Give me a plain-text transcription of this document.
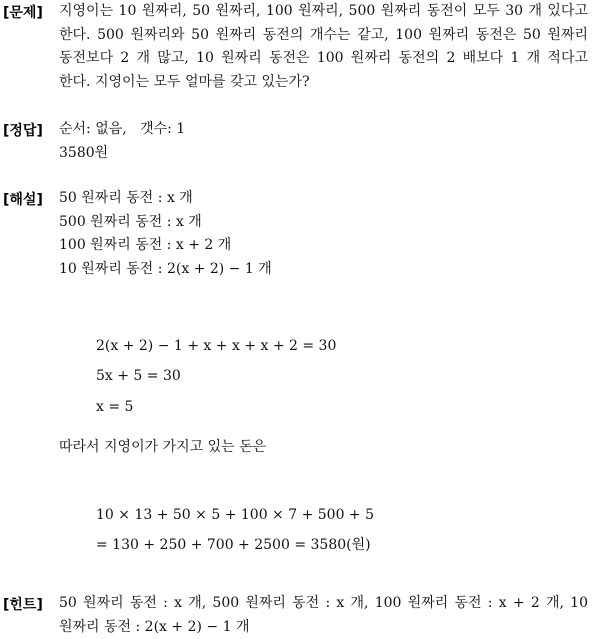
[문제] 지영이는 10 원짜리, 50 원짜리, 100 원짜리, 500 원짜리 동전이 모두 30 개 있다고
한다. 500 원짜리와 50 원짜리 동전의 개수는 같고, 100 원짜리 동전은 50 원짜리
동전보다 2 개 많고, 10 원짜리 동전은 100 원짜리 동전의 2 배보다 1 개 적다고
한다. 지영이는 모두 얼마를 갖고 있는가?
[정답] 순서: 없음,   갯수: 1
3580원
[해설] 50 원짜리 동전 : x 개
500 원짜리 동전 : x 개
100 원짜리 동전 : x + 2 개
10 원짜리 동전 : 2(x + 2) − 1 개
2(x + 2) − 1 + x + x + x + 2 = 30
5x + 5 = 30
x = 5
따라서 지영이가 가지고 있는 돈은
10 × 13 + 50 × 5 + 100 × 7 + 500 + 5
= 130 + 250 + 700 + 2500 = 3580(원)
[힌트] 50 원짜리 동전 : x 개, 500 원짜리 동전 : x 개, 100 원짜리 동전 : x + 2 개, 10
원짜리 동전 : 2(x + 2) − 1 개
